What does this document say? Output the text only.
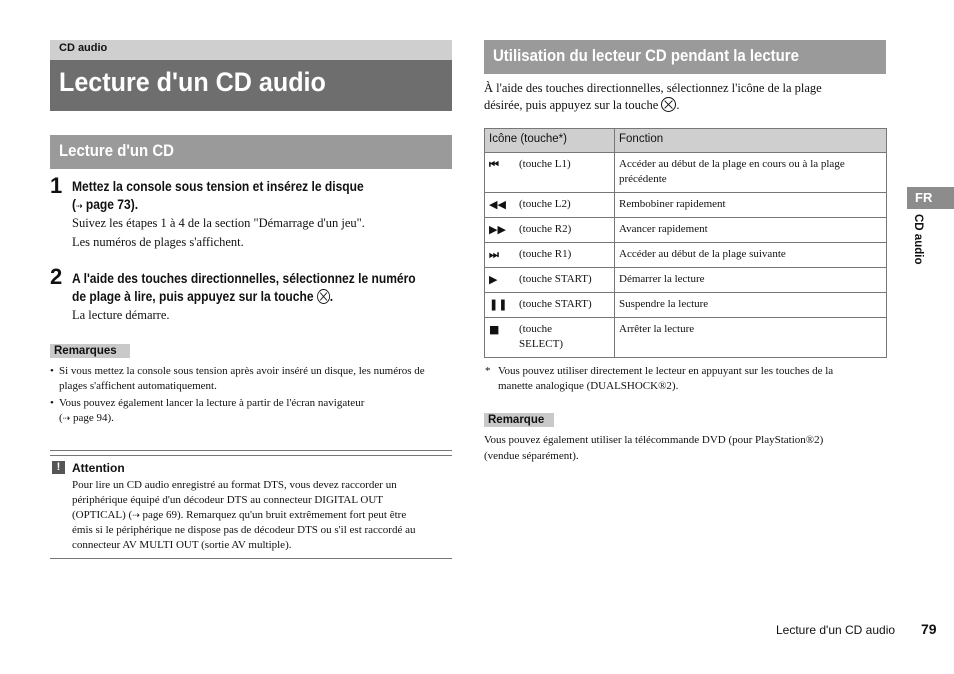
CD audio
Lecture d'un CD audio
Lecture d'un CD
1 Mettez la console sous tension et insérez le disque
(⇢ page 73).
Suivez les étapes 1 à 4 de la section "Démarrage d'un jeu".
Les numéros de plages s'affichent.
2 A l'aide des touches directionnelles, sélectionnez le numéro
de plage à lire, puis appuyez sur la touche .
La lecture démarre.
Remarques
• Si vous mettez la console sous tension après avoir inséré un disque, les numéros de
plages s'affichent automatiquement.
• Vous pouvez également lancer la lecture à partir de l'écran navigateur
(⇢ page 94).
! Attention
Pour lire un CD audio enregistré au format DTS, vous devez raccorder un
périphérique équipé d'un décodeur DTS au connecteur DIGITAL OUT
(OPTICAL) (⇢ page 69). Remarquez qu'un bruit extrêmement fort peut être
émis si le périphérique ne dispose pas de décodeur DTS ou s'il est raccordé au
connecteur AV MULTI OUT (sortie AV multiple).
Utilisation du lecteur CD pendant la lecture
À l'aide des touches directionnelles, sélectionnez l'icône de la plage
désirée, puis appuyez sur la touche .
Icône (touche*)	Fonction
⏮ (touche L1)	Accéder au début de la plage en cours ou à la plage précédente
◀◀ (touche L2)	Rembobiner rapidement
▶▶ (touche R2)	Avancer rapidement
⏭ (touche R1)	Accéder au début de la plage suivante
▶ (touche START)	Démarrer la lecture
❚❚ (touche START)	Suspendre la lecture
■ (touche SELECT)	Arrêter la lecture
* Vous pouvez utiliser directement le lecteur en appuyant sur les touches de la
manette analogique (DUALSHOCK®2).
Remarque
Vous pouvez également utiliser la télécommande DVD (pour PlayStation®2)
(vendue séparément).
FR
CD audio
Lecture d'un CD audio 79
